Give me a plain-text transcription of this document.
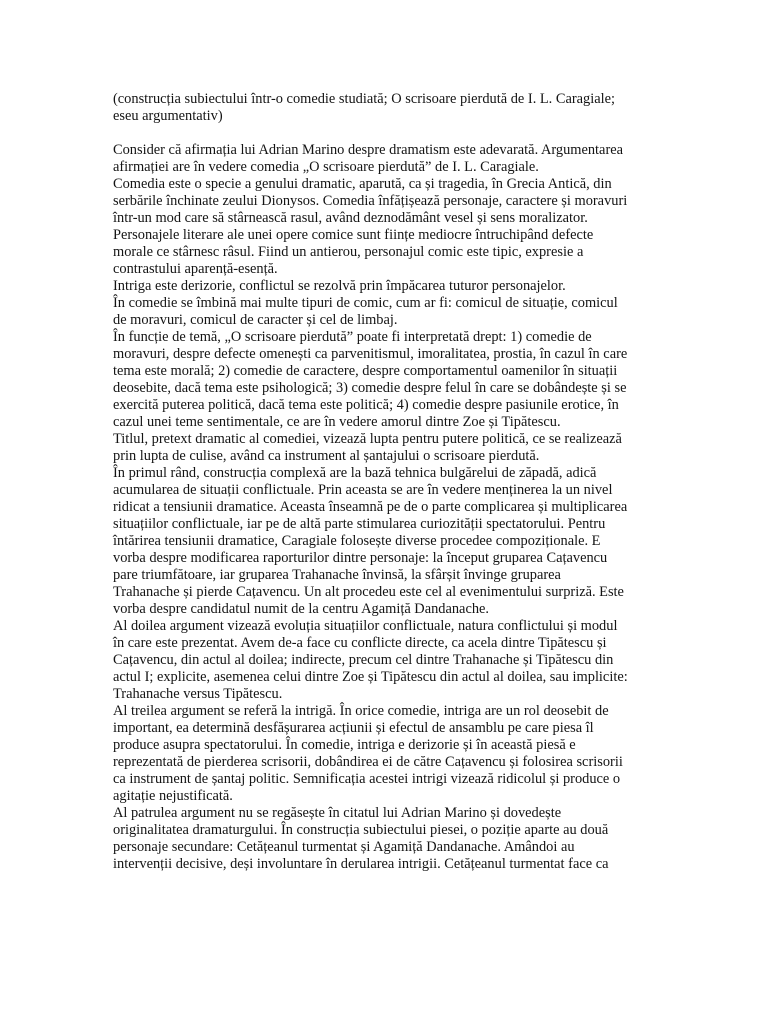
(construcția subiectului într-o comedie studiată; O scrisoare pierdută de I. L. Caragiale;

eseu argumentativ)

Consider că afirmația lui Adrian Marino despre dramatism este adevarată. Argumentarea

afirmației are în vedere comedia „O scrisoare pierdută” de I. L. Caragiale.

Comedia este o specie a genului dramatic, aparută, ca și tragedia, în Grecia Antică, din

serbările închinate zeului Dionysos. Comedia înfățișează personaje, caractere și moravuri

într-un mod care să stârnească rasul, având deznodământ vesel și sens moralizator.

Personajele literare ale unei opere comice sunt ființe mediocre întruchipând defecte

morale ce stârnesc râsul. Fiind un antierou, personajul comic este tipic, expresie a

contrastului aparență-esență.

Intriga este derizorie, conflictul se rezolvă prin împăcarea tuturor personajelor.

În comedie se îmbină mai multe tipuri de comic, cum ar fi: comicul de situație, comicul

de moravuri, comicul de caracter și cel de limbaj.

În funcție de temă, „O scrisoare pierdută” poate fi interpretată drept: 1) comedie de

moravuri, despre defecte omenești ca parvenitismul, imoralitatea, prostia, în cazul în care

tema este morală; 2) comedie de caractere, despre comportamentul oamenilor în situații

deosebite, dacă tema este psihologică; 3) comedie despre felul în care se dobândește și se

exercită puterea politică, dacă tema este politică; 4) comedie despre pasiunile erotice, în

cazul unei teme sentimentale, ce are în vedere amorul dintre Zoe și Tipătescu.

Titlul, pretext dramatic al comediei, vizează lupta pentru putere politică, ce se realizează

prin lupta de culise, având ca instrument al șantajului o scrisoare pierdută.

În primul rând, construcția complexă are la bază tehnica bulgărelui de zăpadă, adică

acumularea de situații conflictuale. Prin aceasta se are în vedere menținerea la un nivel

ridicat a tensiunii dramatice. Aceasta înseamnă pe de o parte complicarea și multiplicarea

situațiilor conflictuale, iar pe de altă parte stimularea curiozității spectatorului. Pentru

întărirea tensiunii dramatice, Caragiale folosește diverse procedee compoziționale. E

vorba despre modificarea raporturilor dintre personaje: la început gruparea Cațavencu

pare triumfătoare, iar gruparea Trahanache învinsă, la sfârșit învinge gruparea

Trahanache și pierde Cațavencu. Un alt procedeu este cel al evenimentului surpriză. Este

vorba despre candidatul numit de la centru Agamiță Dandanache.

Al doilea argument vizează evoluția situațiilor conflictuale, natura conflictului și modul

în care este prezentat. Avem de-a face cu conflicte directe, ca acela dintre Tipătescu și

Cațavencu, din actul al doilea; indirecte, precum cel dintre Trahanache și Tipătescu din

actul I; explicite, asemenea celui dintre Zoe și Tipătescu din actul al doilea, sau implicite:

Trahanache versus Tipătescu.

Al treilea argument se referă la intrigă. În orice comedie, intriga are un rol deosebit de

important, ea determină desfășurarea acțiunii și efectul de ansamblu pe care piesa îl

produce asupra spectatorului. În comedie, intriga e derizorie și în această piesă e

reprezentată de pierderea scrisorii, dobândirea ei de către Cațavencu și folosirea scrisorii

ca instrument de șantaj politic. Semnificația acestei intrigi vizează ridicolul și produce o

agitație nejustificată.

Al patrulea argument nu se regăsește în citatul lui Adrian Marino și dovedește

originalitatea dramaturgului. În construcția subiectului piesei, o poziție aparte au două

personaje secundare: Cetățeanul turmentat și Agamiță Dandanache. Amândoi au

intervenții decisive, deși involuntare în derularea intrigii. Cetățeanul turmentat face ca
